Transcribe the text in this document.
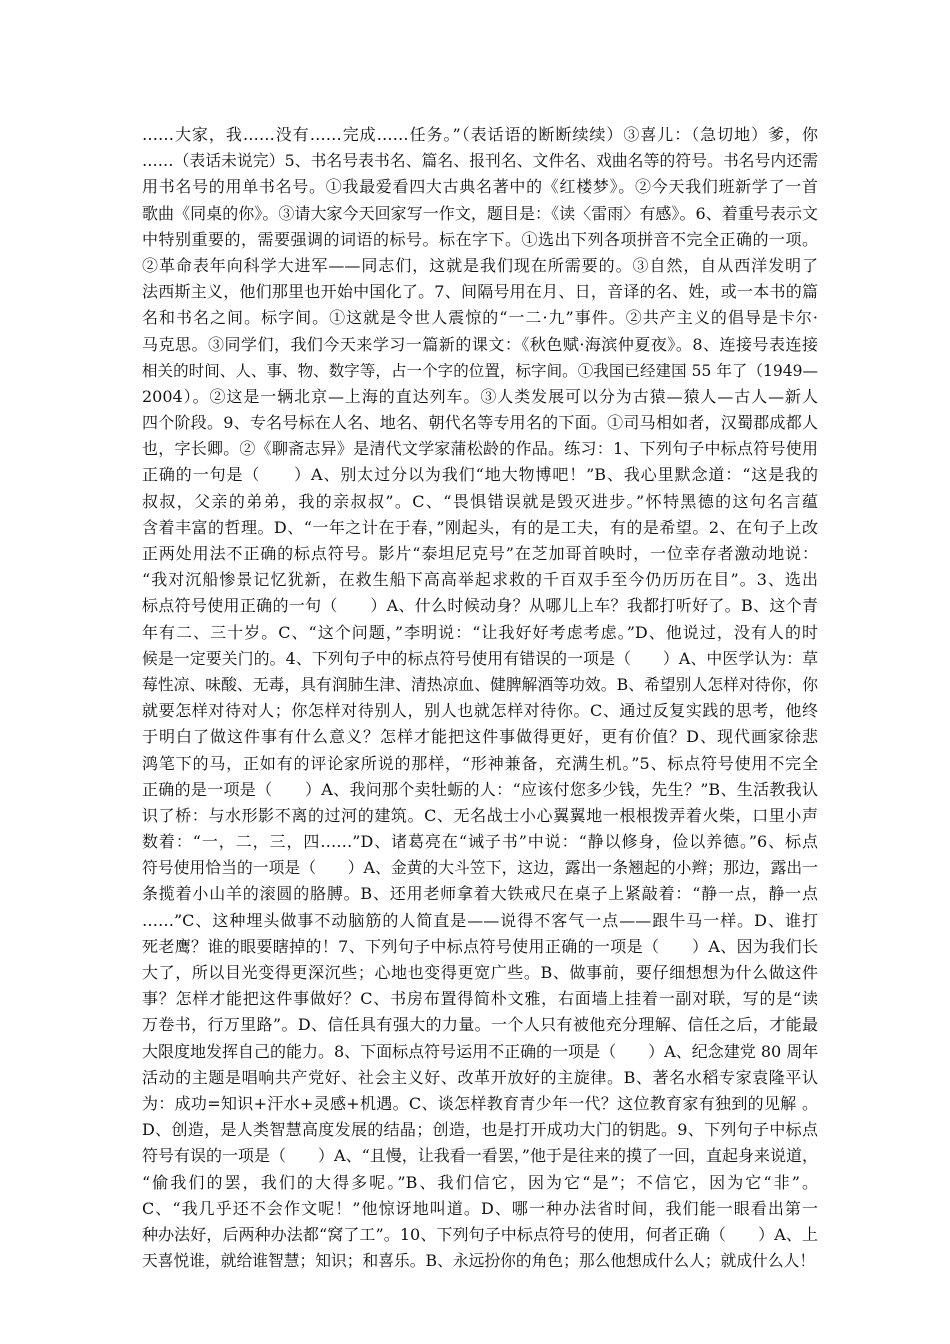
……大家，我……没有……完成……任务。”（表话语的断断续续）③喜儿：（急切地）爹，你
……（表话未说完）5、书名号表书名、篇名、报刊名、文件名、戏曲名等的符号。书名号内还需
用书名号的用单书名号。①我最爱看四大古典名著中的《红楼梦》。②今天我们班新学了一首
歌曲《同桌的你》。③请大家今天回家写一作文，题目是：《读〈雷雨〉有感》。6、着重号表示文
中特别重要的，需要强调的词语的标号。标在字下。①选出下列各项拼音不完全正确的一项。
②革命表年向科学大进军——同志们，这就是我们现在所需要的。③自然，自从西洋发明了
法西斯主义，他们那里也开始中国化了。7、间隔号用在月、日，音译的名、姓，或一本书的篇
名和书名之间。标字间。①这就是令世人震惊的“一二·九”事件。②共产主义的倡导是卡尔·
马克思。③同学们，我们今天来学习一篇新的课文：《秋色赋·海滨仲夏夜》。8、连接号表连接
相关的时间、人、事、物、数字等，占一个字的位置，标字间。①我国已经建国 55 年了（1949—
2004）。②这是一辆北京—上海的直达列车。③人类发展可以分为古猿—猿人—古人—新人
四个阶段。9、专名号标在人名、地名、朝代名等专用名的下面。①司马相如者，汉蜀郡成都人
也，字长卿。②《聊斋志异》是清代文学家蒲松龄的作品。练习：1、下列句子中标点符号使用
正确的一句是（　　）A、别太过分以为我们“地大物博吧！”B、我心里默念道：“这是我的
叔叔，父亲的弟弟，我的亲叔叔”。C、“畏惧错误就是毁灭进步。”怀特黑德的这句名言蕴
含着丰富的哲理。D、“一年之计在于春，”刚起头，有的是工夫，有的是希望。2、在句子上改
正两处用法不正确的标点符号。影片“泰坦尼克号”在芝加哥首映时，一位幸存者激动地说：
“我对沉船惨景记忆犹新，在救生船下高高举起求救的千百双手至今仍历历在目”。3、选出
标点符号使用正确的一句（　　）A、什么时候动身？从哪儿上车？我都打听好了。B、这个青
年有二、三十岁。C、“这个问题，”李明说：“让我好好考虑考虑。”D、他说过，没有人的时
候是一定要关门的。4、下列句子中的标点符号使用有错误的一项是（　　）A、中医学认为：草
莓性凉、味酸、无毒，具有润肺生津、清热凉血、健脾解酒等功效。B、希望别人怎样对待你，你
就要怎样对待对人；你怎样对待别人，别人也就怎样对待你。C、通过反复实践的思考，他终
于明白了做这件事有什么意义？怎样才能把这件事做得更好，更有价值？D、现代画家徐悲
鸿笔下的马，正如有的评论家所说的那样，“形神兼备，充满生机。”5、标点符号使用不完全
正确的是一项是（　　）A、我问那个卖牡蛎的人：“应该付您多少钱，先生？”B、生活教我认
识了桥：与水形影不离的过河的建筑。C、无名战士小心翼翼地一根根拨弄着火柴，口里小声
数着：“一，二，三，四……”D、诸葛亮在“诫子书”中说：“静以修身，俭以养德。”6、标点
符号使用恰当的一项是（　　）A、金黄的大斗笠下，这边，露出一条翘起的小辫；那边，露出一
条揽着小山羊的滚圆的胳膊。B、还用老师拿着大铁戒尺在桌子上紧敲着：“静一点，静一点
……”C、这种埋头做事不动脑筋的人简直是——说得不客气一点——跟牛马一样。D、谁打
死老鹰？谁的眼要瞎掉的！7、下列句子中标点符号使用正确的一项是（　　）A、因为我们长
大了，所以目光变得更深沉些；心地也变得更宽广些。B、做事前，要仔细想想为什么做这件
事？怎样才能把这件事做好？C、书房布置得简朴文雅，右面墙上挂着一副对联，写的是“读
万卷书，行万里路”。D、信任具有强大的力量。一个人只有被他充分理解、信任之后，才能最
大限度地发挥自己的能力。8、下面标点符号运用不正确的一项是（　　）A、纪念建党 80 周年
活动的主题是唱响共产党好、社会主义好、改革开放好的主旋律。B、著名水稻专家袁隆平认
为：成功=知识+汗水+灵感+机遇。C、谈怎样教育青少年一代？这位教育家有独到的见解 。
D、创造，是人类智慧高度发展的结晶；创造，也是打开成功大门的钥匙。9、下列句子中标点
符号有误的一项是（　　）A、“且慢，让我看一看罢，”他于是往来的摸了一回，直起身来说道，
“偷我们的罢，我们的大得多呢。”B、我们信它，因为它“是”；不信它，因为它“非”。
C、“我几乎还不会作文呢！”他惊讶地叫道。D、哪一种办法省时间，我们能一眼看出第一
种办法好，后两种办法都“窝了工”。10、下列句子中标点符号的使用，何者正确（　　）A、上
天喜悦谁，就给谁智慧；知识；和喜乐。B、永远扮你的角色；那么他想成什么人；就成什么人！
